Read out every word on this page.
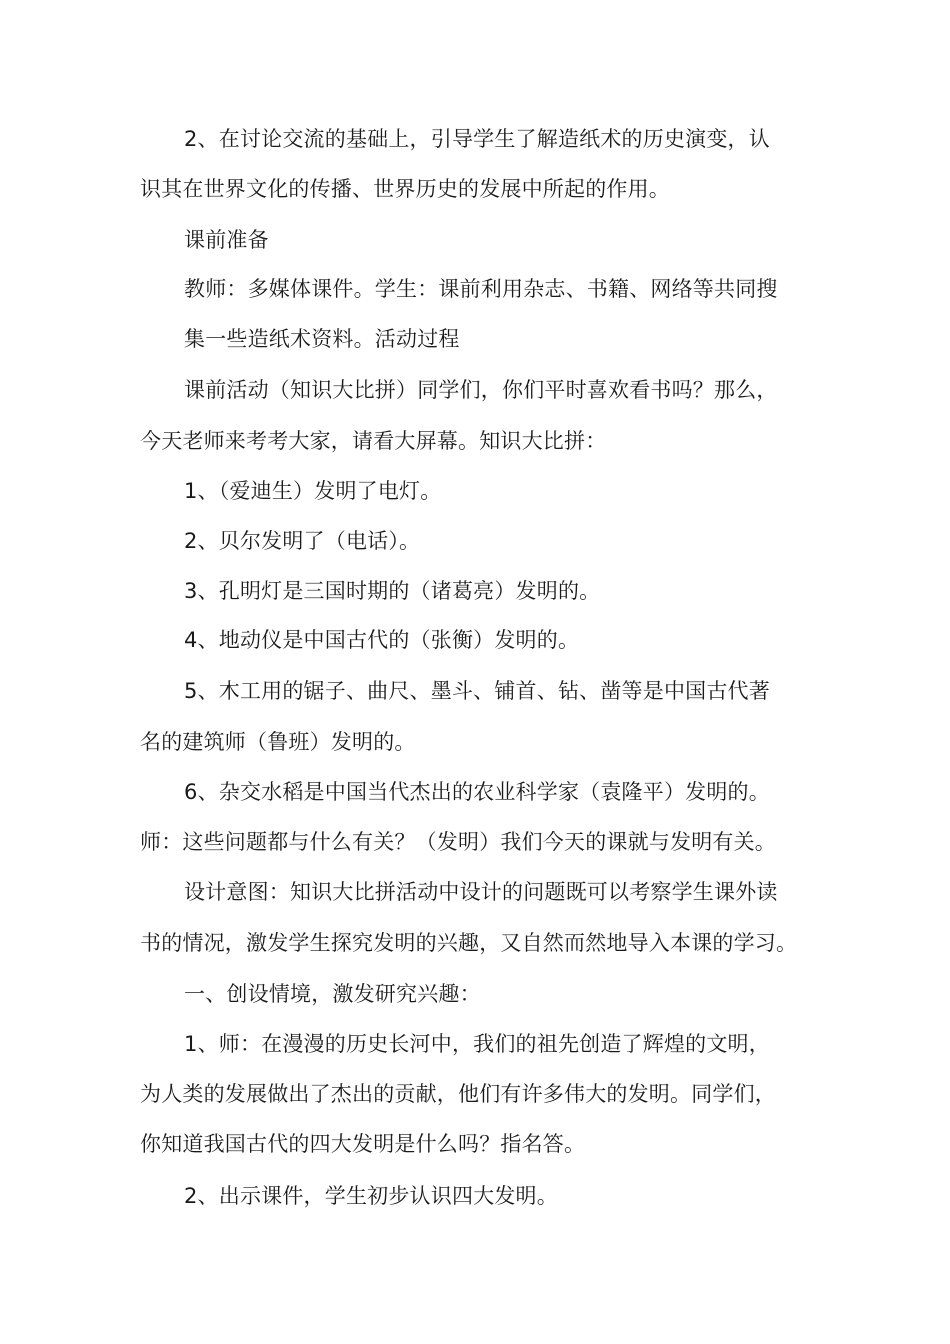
2、在讨论交流的基础上，引导学生了解造纸术的历史演变，认

识其在世界文化的传播、世界历史的发展中所起的作用。

课前准备

教师：多媒体课件。学生：课前利用杂志、书籍、网络等共同搜

集一些造纸术资料。活动过程

课前活动（知识大比拼）同学们，你们平时喜欢看书吗？那么，

今天老师来考考大家，请看大屏幕。知识大比拼：

1、（爱迪生）发明了电灯。

2、贝尔发明了（电话）。

3、孔明灯是三国时期的（诸葛亮）发明的。

4、地动仪是中国古代的（张衡）发明的。

5、木工用的锯子、曲尺、墨斗、铺首、钻、凿等是中国古代著

名的建筑师（鲁班）发明的。

6、杂交水稻是中国当代杰出的农业科学家（袁隆平）发明的。

师：这些问题都与什么有关？（发明）我们今天的课就与发明有关。

设计意图：知识大比拼活动中设计的问题既可以考察学生课外读

书的情况，激发学生探究发明的兴趣，又自然而然地导入本课的学习。

一、创设情境，激发研究兴趣：

1、师：在漫漫的历史长河中，我们的祖先创造了辉煌的文明，

为人类的发展做出了杰出的贡献，他们有许多伟大的发明。同学们，

你知道我国古代的四大发明是什么吗？指名答。

2、出示课件，学生初步认识四大发明。
